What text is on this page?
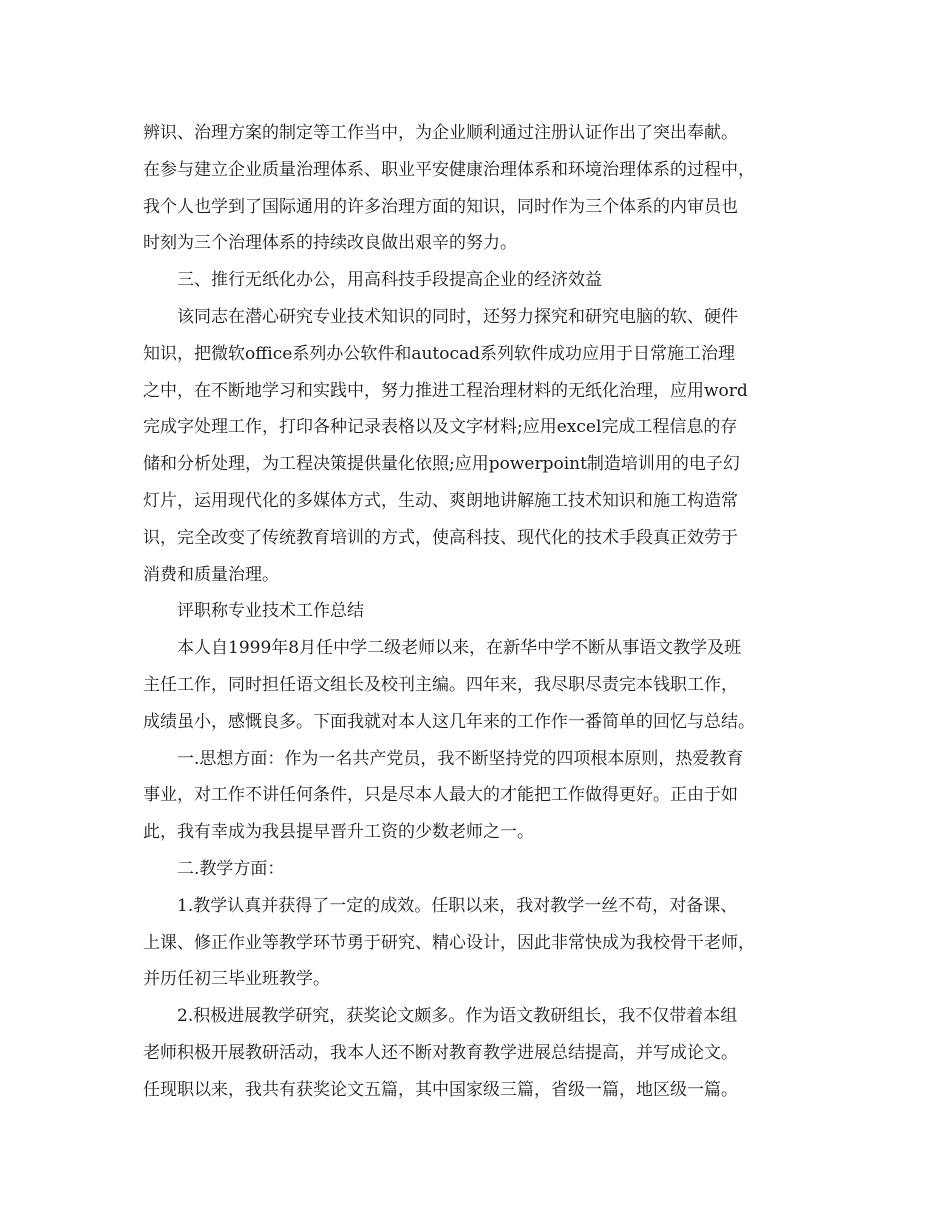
辨识、治理方案的制定等工作当中，为企业顺利通过注册认证作出了突出奉献。
在参与建立企业质量治理体系、职业平安健康治理体系和环境治理体系的过程中，
我个人也学到了国际通用的许多治理方面的知识，同时作为三个体系的内审员也
时刻为三个治理体系的持续改良做出艰辛的努力。
三、推行无纸化办公，用高科技手段提高企业的经济效益
该同志在潜心研究专业技术知识的同时，还努力探究和研究电脑的软、硬件
知识，把微软office系列办公软件和autocad系列软件成功应用于日常施工治理
之中，在不断地学习和实践中，努力推进工程治理材料的无纸化治理，应用word
完成字处理工作，打印各种记录表格以及文字材料;应用excel完成工程信息的存
储和分析处理，为工程决策提供量化依照;应用powerpoint制造培训用的电子幻
灯片，运用现代化的多媒体方式，生动、爽朗地讲解施工技术知识和施工构造常
识，完全改变了传统教育培训的方式，使高科技、现代化的技术手段真正效劳于
消费和质量治理。
评职称专业技术工作总结
本人自1999年8月任中学二级老师以来，在新华中学不断从事语文教学及班
主任工作，同时担任语文组长及校刊主编。四年来，我尽职尽责完本钱职工作，
成绩虽小，感慨良多。下面我就对本人这几年来的工作作一番简单的回忆与总结。
一.思想方面：作为一名共产党员，我不断坚持党的四项根本原则，热爱教育
事业，对工作不讲任何条件，只是尽本人最大的才能把工作做得更好。正由于如
此，我有幸成为我县提早晋升工资的少数老师之一。
二.教学方面：
1.教学认真并获得了一定的成效。任职以来，我对教学一丝不苟，对备课、
上课、修正作业等教学环节勇于研究、精心设计，因此非常快成为我校骨干老师，
并历任初三毕业班教学。
2.积极进展教学研究，获奖论文颇多。作为语文教研组长，我不仅带着本组
老师积极开展教研活动，我本人还不断对教育教学进展总结提高，并写成论文。
任现职以来，我共有获奖论文五篇，其中国家级三篇，省级一篇，地区级一篇。
